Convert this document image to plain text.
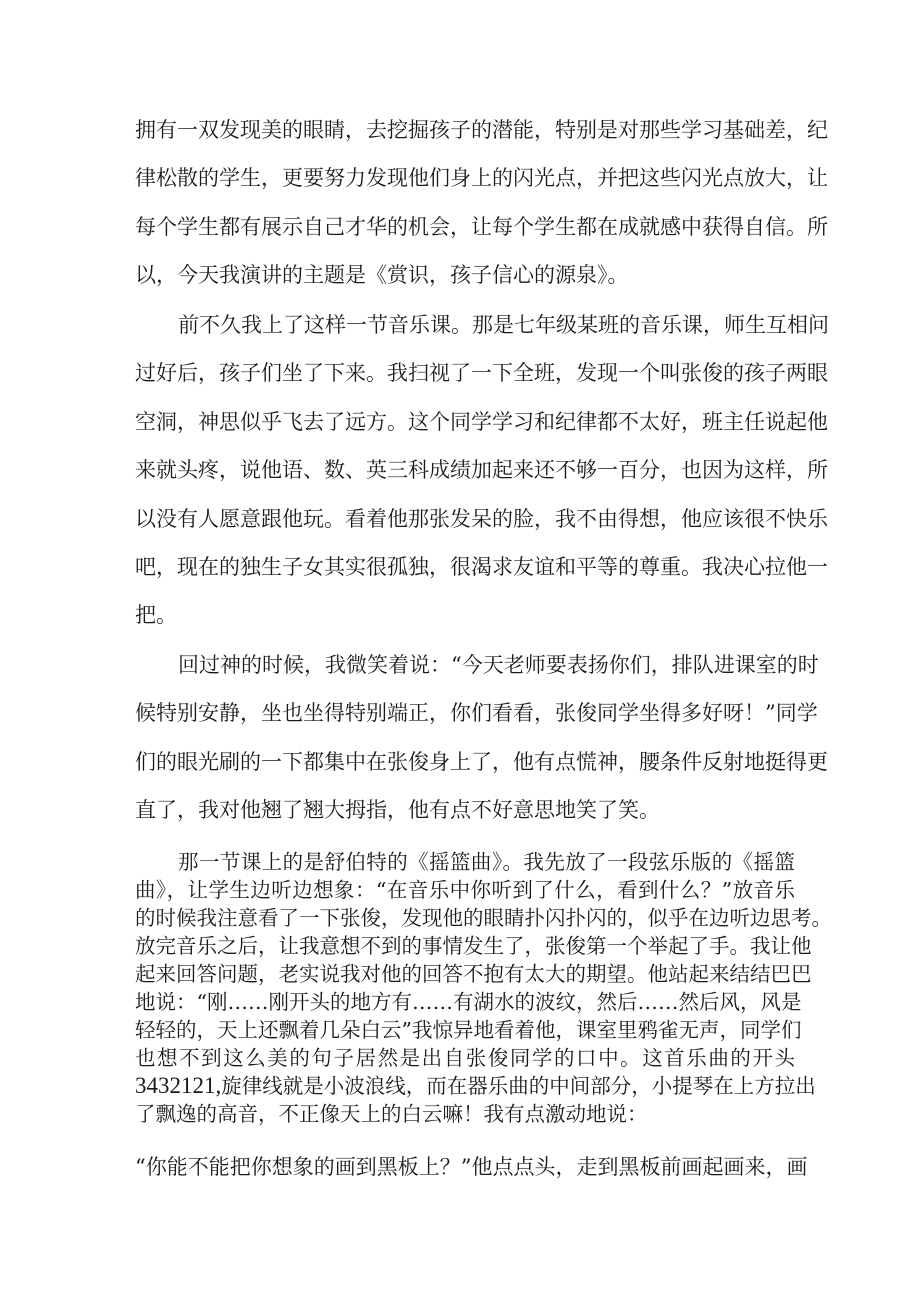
拥有一双发现美的眼睛，去挖掘孩子的潜能，特别是对那些学习基础差，纪

律松散的学生，更要努力发现他们身上的闪光点，并把这些闪光点放大，让

每个学生都有展示自己才华的机会，让每个学生都在成就感中获得自信。所

以，今天我演讲的主题是《赏识，孩子信心的源泉》。

前不久我上了这样一节音乐课。那是七年级某班的音乐课，师生互相问

过好后，孩子们坐了下来。我扫视了一下全班，发现一个叫张俊的孩子两眼

空洞，神思似乎飞去了远方。这个同学学习和纪律都不太好，班主任说起他

来就头疼，说他语、数、英三科成绩加起来还不够一百分，也因为这样，所

以没有人愿意跟他玩。看着他那张发呆的脸，我不由得想，他应该很不快乐

吧，现在的独生子女其实很孤独，很渴求友谊和平等的尊重。我决心拉他一

把。

回过神的时候，我微笑着说：“今天老师要表扬你们，排队进课室的时

候特别安静，坐也坐得特别端正，你们看看，张俊同学坐得多好呀！”同学

们的眼光刷的一下都集中在张俊身上了，他有点慌神，腰条件反射地挺得更

直了，我对他翘了翘大拇指，他有点不好意思地笑了笑。

那一节课上的是舒伯特的《摇篮曲》。我先放了一段弦乐版的《摇篮

曲》，让学生边听边想象：“在音乐中你听到了什么，看到什么？”放音乐

的时候我注意看了一下张俊，发现他的眼睛扑闪扑闪的，似乎在边听边思考。

放完音乐之后，让我意想不到的事情发生了，张俊第一个举起了手。我让他

起来回答问题，老实说我对他的回答不抱有太大的期望。他站起来结结巴巴

地说：“刚……刚开头的地方有……有湖水的波纹，然后……然后风，风是

轻轻的，天上还飘着几朵白云”我惊异地看着他，课室里鸦雀无声，同学们

也想不到这么美的句子居然是出自张俊同学的口中。这首乐曲的开头

3432121,旋律线就是小波浪线，而在器乐曲的中间部分，小提琴在上方拉出

了飘逸的高音，不正像天上的白云嘛！我有点激动地说：

“你能不能把你想象的画到黑板上？”他点点头，走到黑板前画起画来，画
